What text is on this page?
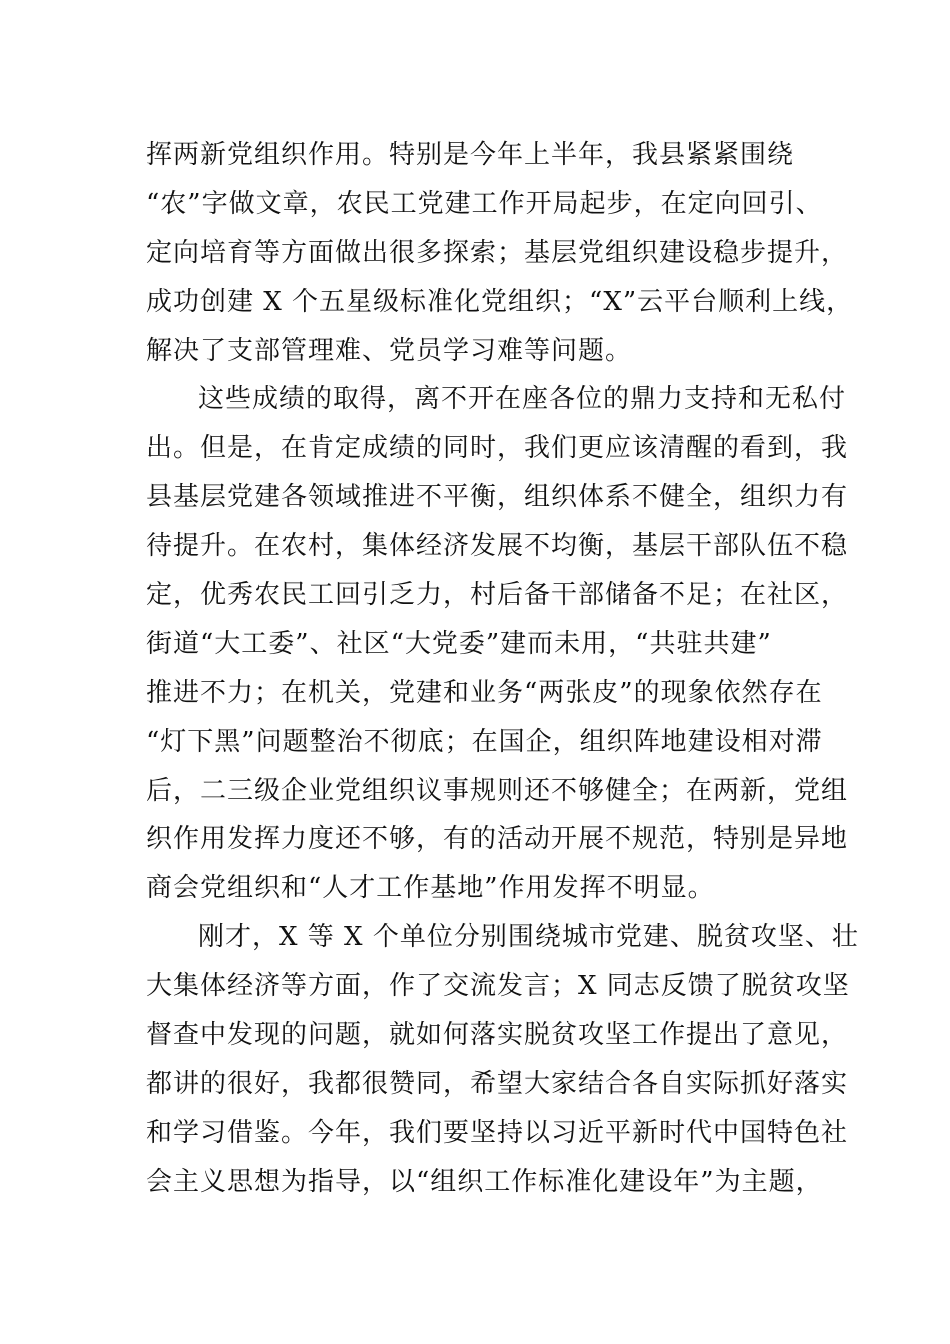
挥两新党组织作用。特别是今年上半年，我县紧紧围绕
“农”字做文章，农民工党建工作开局起步，在定向回引、
定向培育等方面做出很多探索；基层党组织建设稳步提升，
成功创建 X 个五星级标准化党组织；“X”云平台顺利上线，
解决了支部管理难、党员学习难等问题。
这些成绩的取得，离不开在座各位的鼎力支持和无私付
出。但是，在肯定成绩的同时，我们更应该清醒的看到，我
县基层党建各领域推进不平衡，组织体系不健全，组织力有
待提升。在农村，集体经济发展不均衡，基层干部队伍不稳
定，优秀农民工回引乏力，村后备干部储备不足；在社区，
街道“大工委”、社区“大党委”建而未用，“共驻共建”
推进不力；在机关，党建和业务“两张皮”的现象依然存在
“灯下黑”问题整治不彻底；在国企，组织阵地建设相对滞
后，二三级企业党组织议事规则还不够健全；在两新，党组
织作用发挥力度还不够，有的活动开展不规范，特别是异地
商会党组织和“人才工作基地”作用发挥不明显。
刚才，X 等 X 个单位分别围绕城市党建、脱贫攻坚、壮
大集体经济等方面，作了交流发言；X 同志反馈了脱贫攻坚
督查中发现的问题，就如何落实脱贫攻坚工作提出了意见，
都讲的很好，我都很赞同，希望大家结合各自实际抓好落实
和学习借鉴。今年，我们要坚持以习近平新时代中国特色社
会主义思想为指导，以“组织工作标准化建设年”为主题，
